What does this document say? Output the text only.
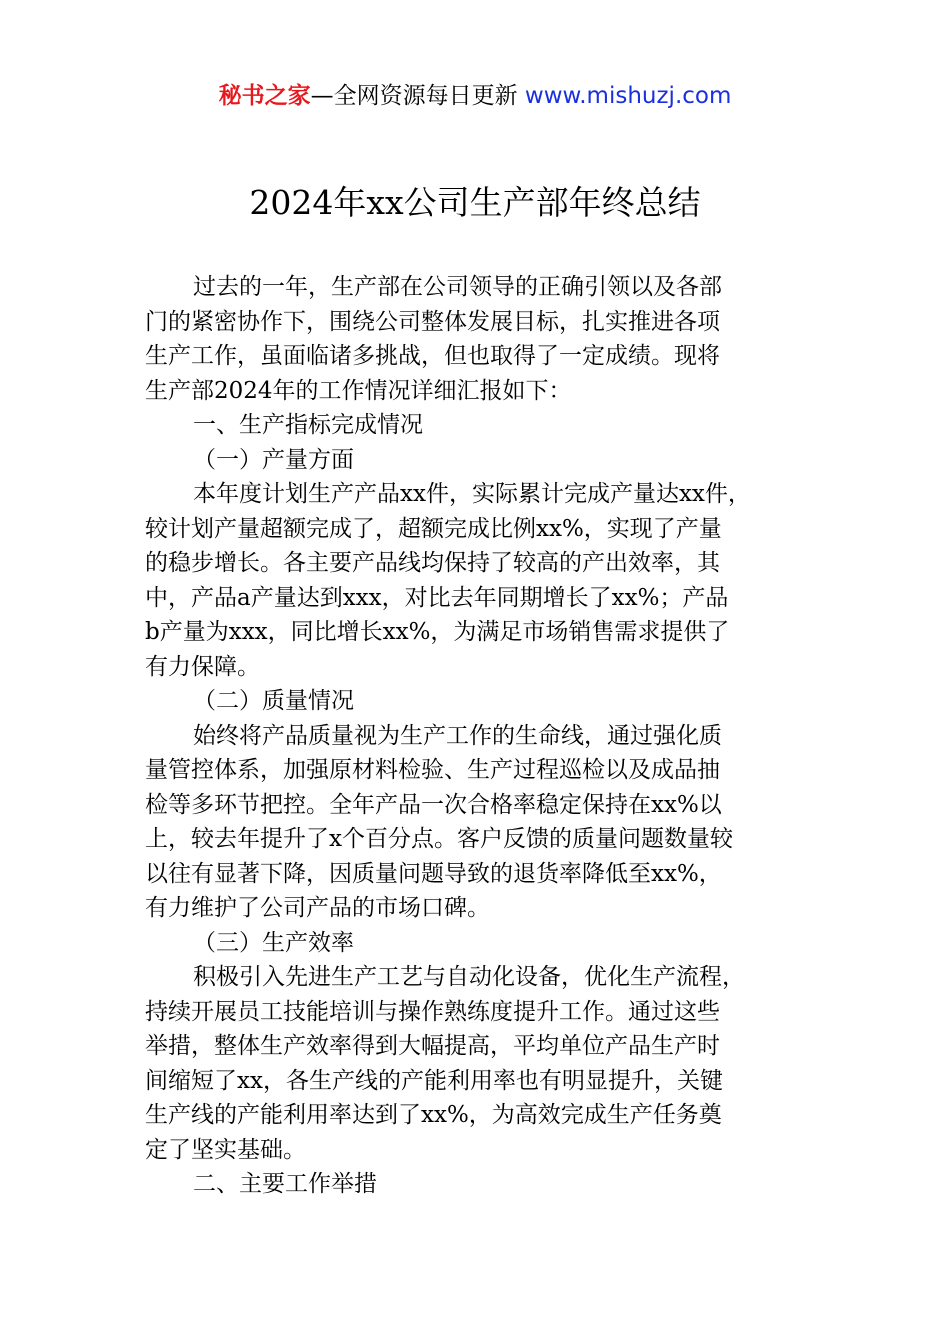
秘书之家—全网资源每日更新 www.mishuzj.com
2024年xx公司生产部年终总结
过去的一年，生产部在公司领导的正确引领以及各部
门的紧密协作下，围绕公司整体发展目标，扎实推进各项
生产工作，虽面临诸多挑战，但也取得了一定成绩。现将
生产部2024年的工作情况详细汇报如下：
一、生产指标完成情况
（一）产量方面
本年度计划生产产品xx件，实际累计完成产量达xx件，
较计划产量超额完成了，超额完成比例xx%，实现了产量
的稳步增长。各主要产品线均保持了较高的产出效率，其
中，产品a产量达到xxx，对比去年同期增长了xx%；产品
b产量为xxx，同比增长xx%，为满足市场销售需求提供了
有力保障。
（二）质量情况
始终将产品质量视为生产工作的生命线，通过强化质
量管控体系，加强原材料检验、生产过程巡检以及成品抽
检等多环节把控。全年产品一次合格率稳定保持在xx%以
上，较去年提升了x个百分点。客户反馈的质量问题数量较
以往有显著下降，因质量问题导致的退货率降低至xx%，
有力维护了公司产品的市场口碑。
（三）生产效率
积极引入先进生产工艺与自动化设备，优化生产流程，
持续开展员工技能培训与操作熟练度提升工作。通过这些
举措，整体生产效率得到大幅提高，平均单位产品生产时
间缩短了xx，各生产线的产能利用率也有明显提升，关键
生产线的产能利用率达到了xx%，为高效完成生产任务奠
定了坚实基础。
二、主要工作举措
